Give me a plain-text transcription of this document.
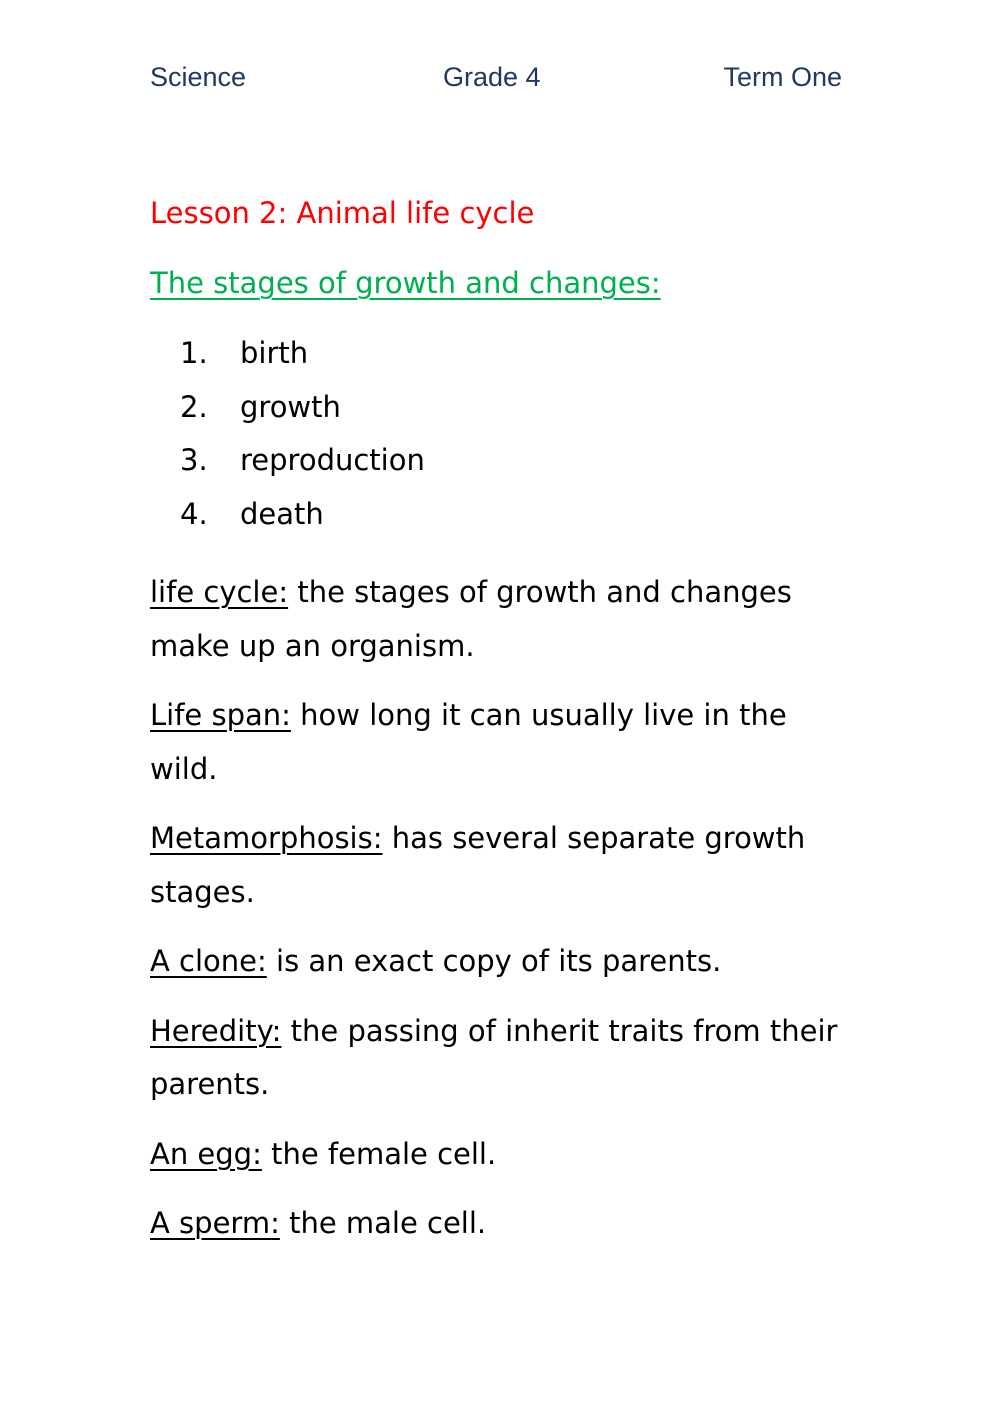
Science	Grade 4	Term One
Lesson 2: Animal life cycle
The stages of growth and changes:
1. birth
2. growth
3. reproduction
4. death

life cycle: the stages of growth and changes make up an organism.

Life span: how long it can usually live in the wild.

Metamorphosis: has several separate growth stages.

A clone: is an exact copy of its parents.

Heredity: the passing of inherit traits from their parents.

An egg: the female cell.

A sperm: the male cell.
